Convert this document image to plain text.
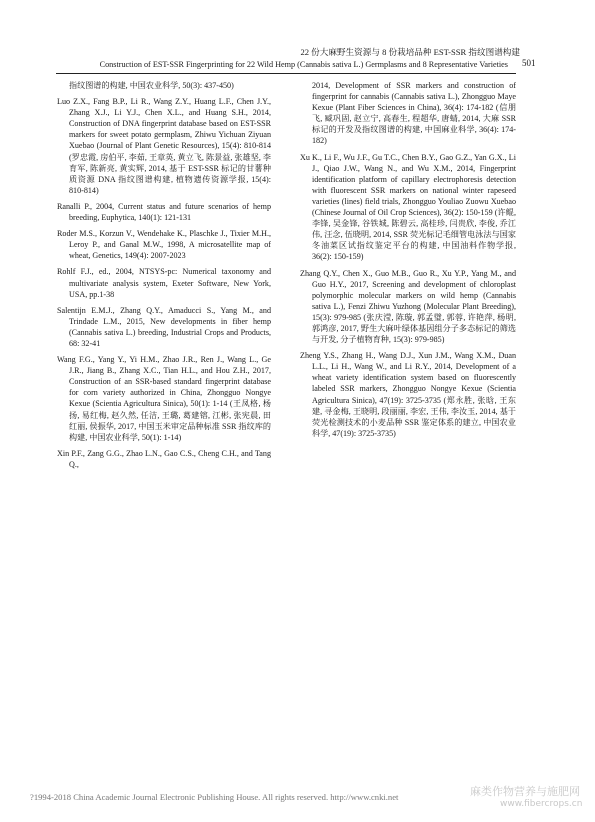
22 份大麻野生资源与 8 份栽培品种 EST-SSR 指纹图谱构建
Construction of EST-SSR Fingerprinting for 22 Wild Hemp (Cannabis sativa L.) Germplasms and 8 Representative Varieties 501

指纹图谱的构建, 中国农业科学, 50(3): 437-450)

Luo Z.X., Fang B.P., Li R., Wang Z.Y., Huang L.F., Chen J.Y., Zhang X.J., Li Y.J., Chen X.L., and Huang S.H., 2014, Construction of DNA fingerprint database based on EST-SSR markers for sweet potato germplasm, Zhiwu Yichuan Ziyuan Xuebao (Journal of Plant Genetic Resources), 15(4): 810-814 (罗忠霞, 房伯平, 李茹, 王章英, 黄立飞, 陈景益, 张雄坚, 李育军, 陈新亮, 黄实辉, 2014, 基于 EST-SSR 标记的甘薯种质资源 DNA 指纹图谱构建, 植物遗传资源学报, 15(4): 810-814)

Ranalli P., 2004, Current status and future scenarios of hemp breeding, Euphytica, 140(1): 121-131

Roder M.S., Korzun V., Wendehake K., Plaschke J., Tixier M.H., Leroy P., and Ganal M.W., 1998, A microsatellite map of wheat, Genetics, 149(4): 2007-2023

Rohlf F.J., ed., 2004, NTSYS-pc: Numerical taxonomy and multivariate analysis system, Exeter Software, New York, USA, pp.1-38

Salentijn E.M.J., Zhang Q.Y., Amaducci S., Yang M., and Trindade L.M., 2015, New developments in fiber hemp (Cannabis sativa L.) breeding, Industrial Crops and Products, 68: 32-41

Wang F.G., Yang Y., Yi H.M., Zhao J.R., Ren J., Wang L., Ge J.R., Jiang B., Zhang X.C., Tian H.L., and Hou Z.H., 2017, Construction of an SSR-based standard fingerprint database for corn variety authorized in China, Zhongguo Nongye Kexue (Scientia Agricultura Sinica), 50(1): 1-14 (王凤格, 杨扬, 易红梅, 赵久然, 任洁, 王璐, 葛建镕, 江彬, 张宪晨, 田红丽, 侯振华, 2017, 中国玉米审定品种标准 SSR 指纹库的构建, 中国农业科学, 50(1): 1-14)

Xin P.F., Zang G.G., Zhao L.N., Gao C.S., Cheng C.H., and Tang Q.,

2014, Development of SSR markers and construction of fingerprint for cannabis (Cannabis sativa L.), Zhongguo Maye Kexue (Plant Fiber Sciences in China), 36(4): 174-182 (信朋飞, 臧巩固, 赵立宁, 高春生, 程超华, 唐蜻, 2014, 大麻 SSR 标记的开发及指纹图谱的构建, 中国麻业科学, 36(4): 174-182)

Xu K., Li F., Wu J.F., Gu T.C., Chen B.Y., Gao G.Z., Yan G.X., Li J., Qiao J.W., Wang N., and Wu X.M., 2014, Fingerprint identification platform of capillary electrophoresis detection with fluorescent SSR markers on national winter rapeseed varieties (lines) field trials, Zhongguo Youliao Zuowu Xuebao (Chinese Journal of Oil Crop Sciences), 36(2): 150-159 (许鲲, 李锋, 吴金锋, 谷铁城, 陈碧云, 高桂珍, 闫贵欣, 李俊, 乔江伟, 汪念, 伍晓明, 2014, SSR 荧光标记毛细管电泳法与国家冬油菜区试指纹鉴定平台的构建, 中国油料作物学报, 36(2): 150-159)

Zhang Q.Y., Chen X., Guo M.B., Guo R., Xu Y.P., Yang M., and Guo H.Y., 2017, Screening and development of chloroplast polymorphic molecular markers on wild hemp (Cannabis sativa L.), Fenzi Zhiwu Yuzhong (Molecular Plant Breeding), 15(3): 979-985 (张庆滢, 陈璇, 郭孟璧, 郭蓉, 许艳萍, 杨明, 郭鸿彦, 2017, 野生大麻叶绿体基因组分子多态标记的筛选与开发, 分子植物育种, 15(3): 979-985)

Zheng Y.S., Zhang H., Wang D.J., Xun J.M., Wang X.M., Duan L.L., Li H., Wang W., and Li R.Y., 2014, Development of a wheat variety identification system based on fluorescently labeled SSR markers, Zhongguo Nongye Kexue (Scientia Agricultura Sinica), 47(19): 3725-3735 (郑永胜, 张晗, 王东建, 寻金梅, 王晓明, 段丽丽, 李宏, 王伟, 李汝玉, 2014, 基于荧光检测技术的小麦品种 SSR 鉴定体系的建立, 中国农业科学, 47(19): 3725-3735)

?1994-2018 China Academic Journal Electronic Publishing House. All rights reserved. http://www.cnki.net	麻类作物营养与施肥网
www.fibercrops.cn
